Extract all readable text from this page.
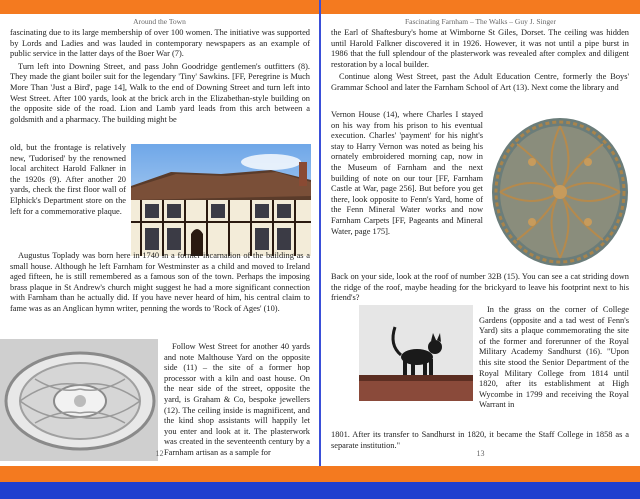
Around the Town

fascinating due to its large membership of over 100 women. The initiative was supported by Lords and Ladies and was lauded in contemporary newspapers as an example of public service in the latter days of the Boer War (7).

Turn left into Downing Street, and pass John Goodridge gentlemen's outfitters (8). They made the giant boiler suit for the legendary 'Tiny' Sawkins. [FF, Peregrine is Much More Than 'Just a Bird', page 14], Walk to the end of Downing Street and turn left into West Street. After 100 yards, look at the brick arch in the Elizabethan-style building on the opposite side of the road. Lion and Lamb yard leads from this arch between a goldsmith and a pharmacy. The building might be

old, but the frontage is relatively new, 'Tudorised' by the renowned local architect Harold Falkner in the 1920s (9). After another 20 yards, check the first floor wall of Elphick's Department store on the left for a commemorative plaque.

Augustus Toplady was born here in 1740 in a former incarnation of the building as a small house. Although he left Farnham for Westminster as a child and moved to Ireland aged fifteen, he is still remembered as a famous son of the town. Perhaps the imposing brass plaque in St Andrew's church might suggest he had a more significant connection with Farnham than he actually did. If you have never heard of him, his central claim to fame was as an Anglican hymn writer, penning the words to 'Rock of Ages' (10).

Follow West Street for another 40 yards and note Malthouse Yard on the opposite side (11) – the site of a former hop processor with a kiln and oast house. On the near side of the street, opposite the yard, is Graham & Co, bespoke jewellers (12). The ceiling inside is magnificent, and the kind shop assistants will happily let you enter and look at it. The plasterwork was created in the seventeenth century by a Farnham artisan as a sample for

12
Fascinating Farnham – The Walks – Guy J. Singer

the Earl of Shaftesbury's home at Wimborne St Giles, Dorset. The ceiling was hidden until Harold Falkner discovered it in 1926. However, it was not until a pipe burst in 1986 that the full splendour of the plasterwork was revealed after complex and diligent restoration by a local builder.

Continue along West Street, past the Adult Education Centre, formerly the Boys' Grammar School and later the Farnham School of Art (13). Next come the library and

Vernon House (14), where Charles I stayed on his way from his prison to his eventual execution. Charles' 'payment' for his night's stay to Harry Vernon was noted as being his ornately embroidered morning cap, now in the Museum of Farnham and the next building of note on our tour [FF, Farnham Castle at War, page 256]. But before you get there, look opposite to Fenn's Yard, home of the Fenn Mineral Water works and now Farnham Carpets [FF, Pageants and Mineral Water, page 175].

Back on your side, look at the roof of number 32B (15). You can see a cat striding down the ridge of the roof, maybe heading for the brickyard to leave his footprint next to his friend's?

In the grass on the corner of College Gardens (opposite and a tad west of Fenn's Yard) sits a plaque commemorating the site of the former and forerunner of the Royal Military Academy Sandhurst (16). "Upon this site stood the Senior Department of the Royal Military College from 1814 until 1820, after its establishment at High Wycombe in 1799 and receiving the Royal Warrant in

1801. After its transfer to Sandhurst in 1820, it became the Staff College in 1858 as a separate institution."

13
